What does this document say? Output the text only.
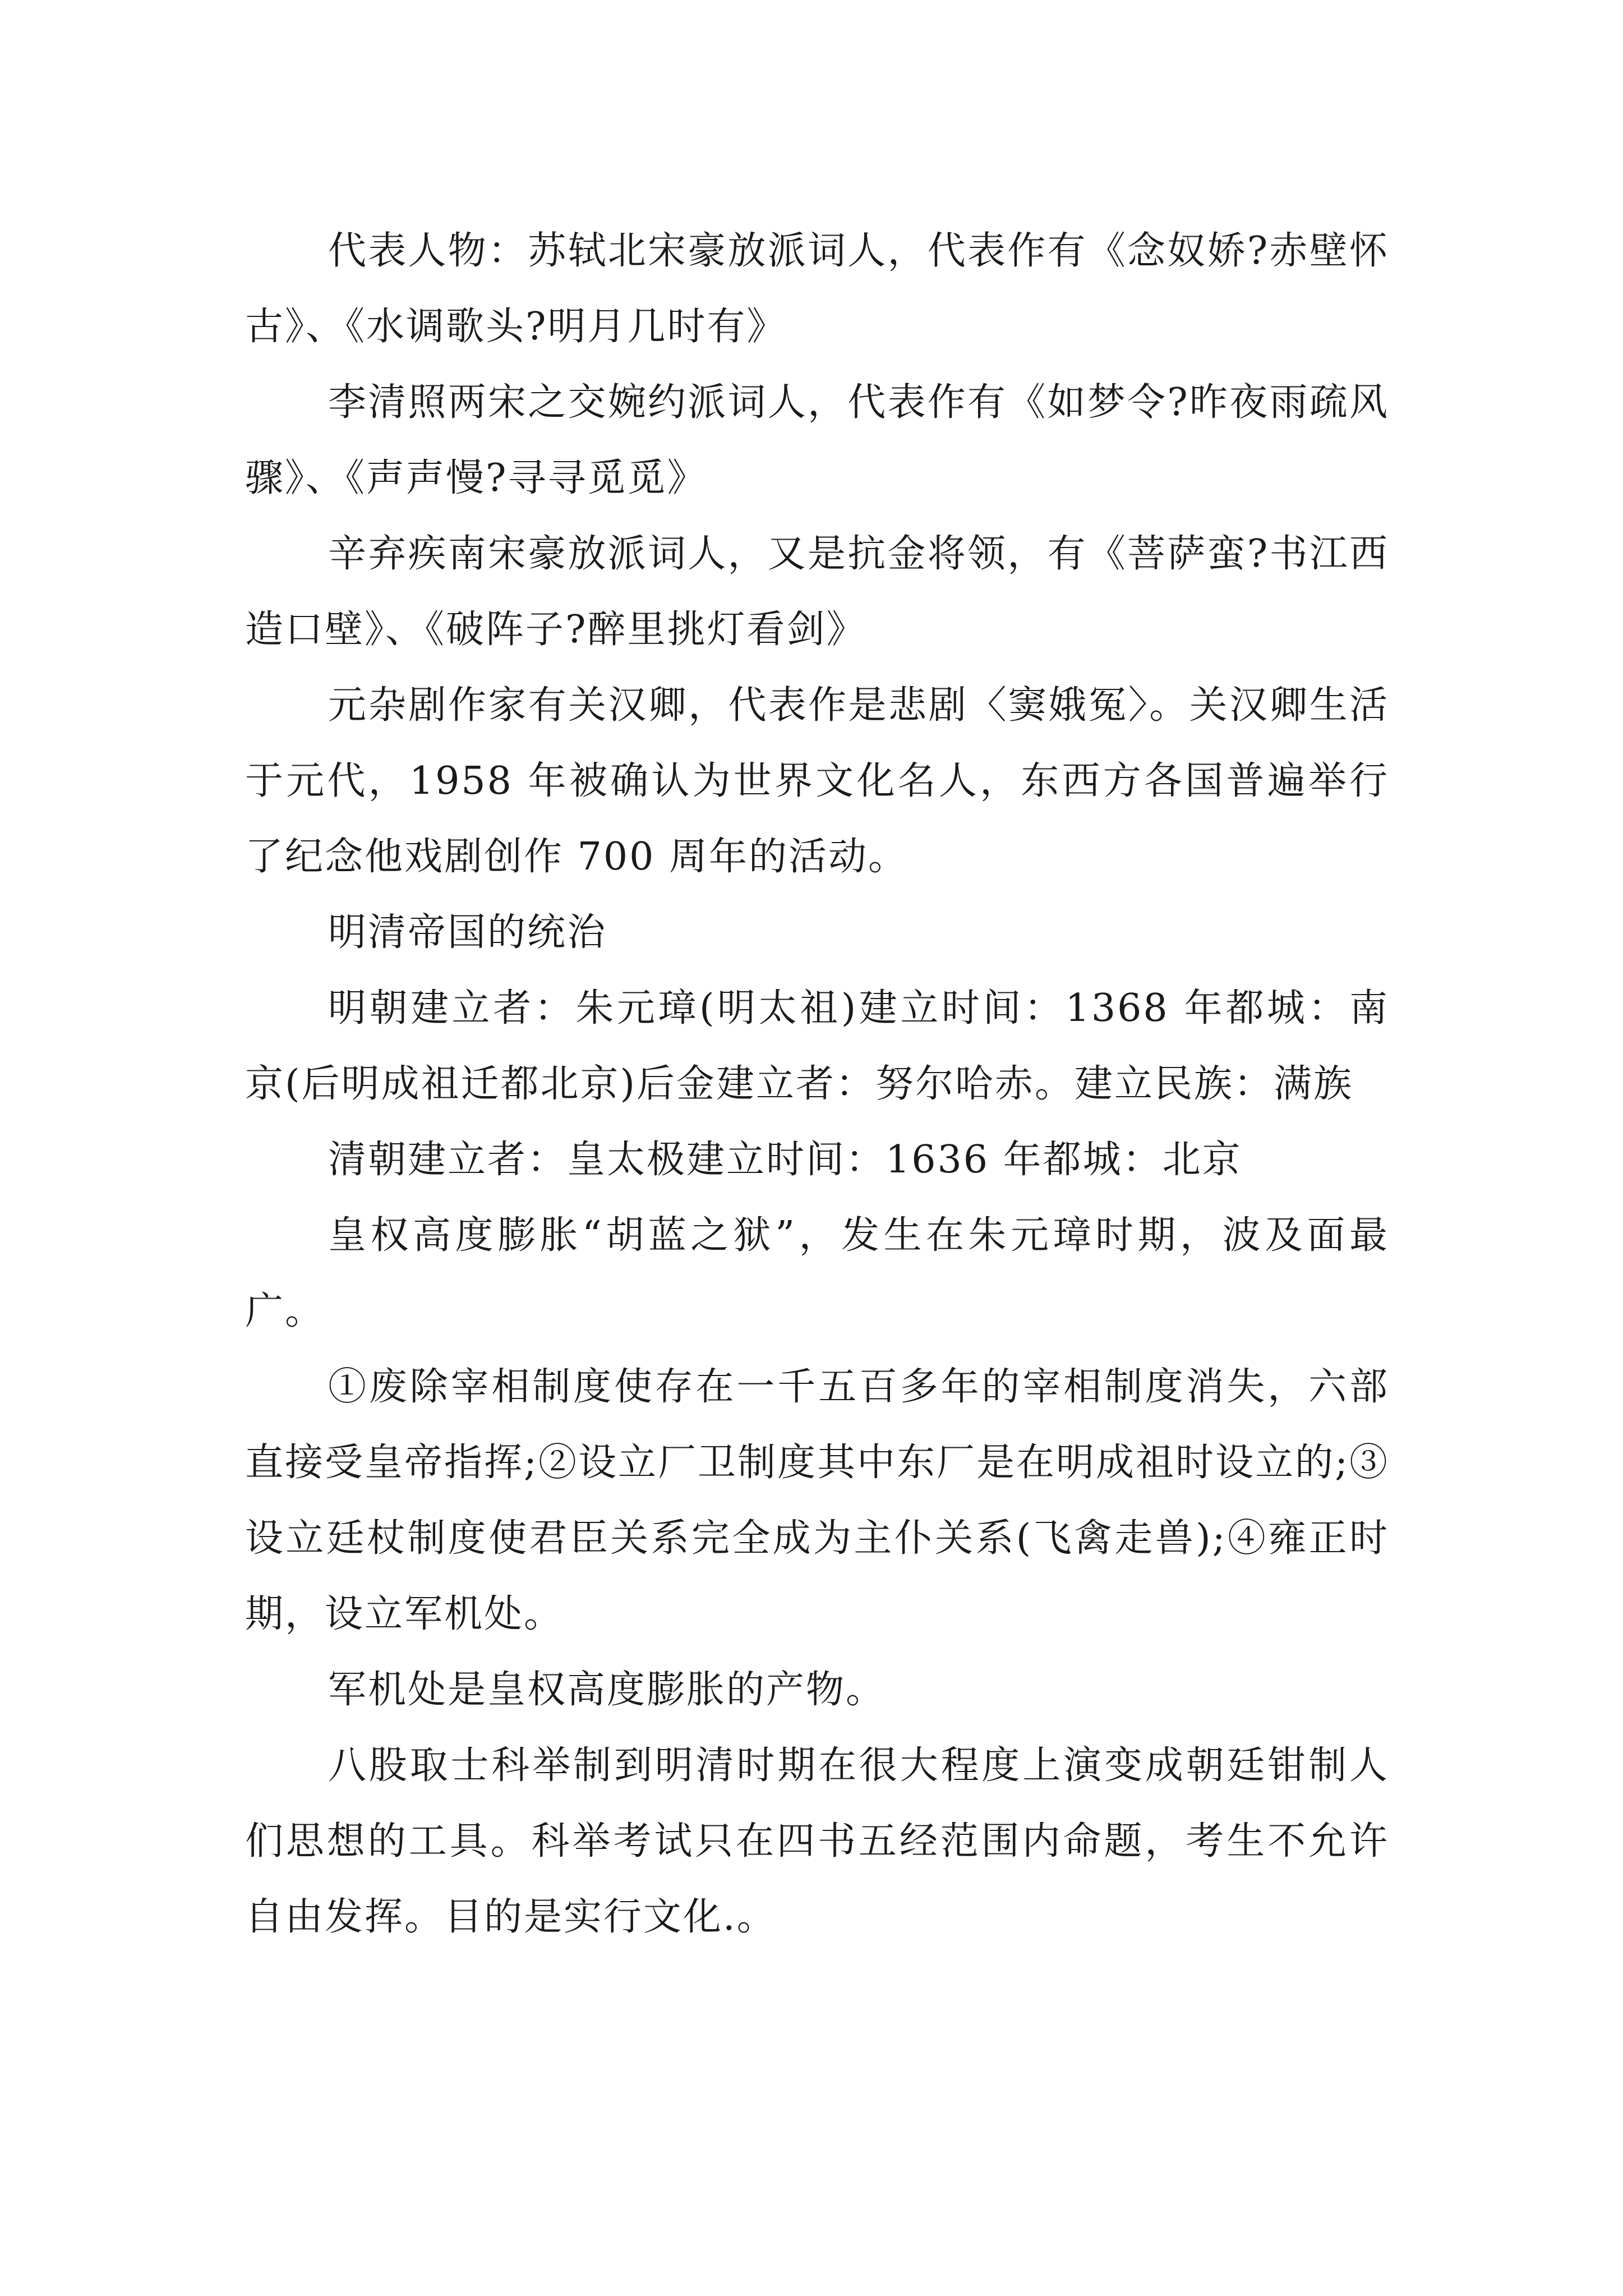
代表人物：苏轼北宋豪放派词人，代表作有《念奴娇?赤壁怀古》、《水调歌头?明月几时有》

李清照两宋之交婉约派词人，代表作有《如梦令?昨夜雨疏风骤》、《声声慢?寻寻觅觅》

辛弃疾南宋豪放派词人，又是抗金将领，有《菩萨蛮?书江西造口壁》、《破阵子?醉里挑灯看剑》

元杂剧作家有关汉卿，代表作是悲剧〈窦娥冤〉。关汉卿生活于元代，1958 年被确认为世界文化名人，东西方各国普遍举行了纪念他戏剧创作 700 周年的活动。

明清帝国的统治

明朝建立者：朱元璋(明太祖)建立时间：1368 年都城：南京(后明成祖迁都北京)后金建立者：努尔哈赤。建立民族：满族

清朝建立者：皇太极建立时间：1636 年都城：北京

皇权高度膨胀“胡蓝之狱”，发生在朱元璋时期，波及面最广。

①废除宰相制度使存在一千五百多年的宰相制度消失，六部直接受皇帝指挥;②设立厂卫制度其中东厂是在明成祖时设立的;③设立廷杖制度使君臣关系完全成为主仆关系(飞禽走兽);④雍正时期，设立军机处。

军机处是皇权高度膨胀的产物。

八股取士科举制到明清时期在很大程度上演变成朝廷钳制人们思想的工具。科举考试只在四书五经范围内命题，考生不允许自由发挥。目的是实行文化.。
